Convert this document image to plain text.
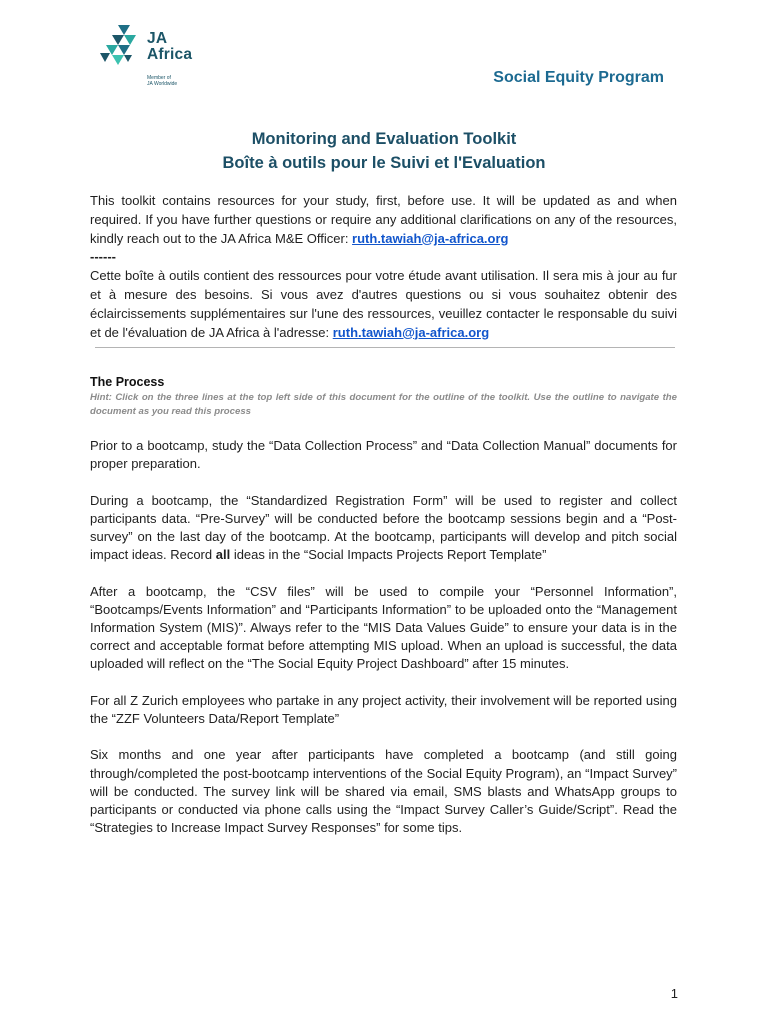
JA
Africa
Member of
JA Worldwide	Social Equity Program
Monitoring and Evaluation Toolkit
Boîte à outils pour le Suivi et l'Evaluation
This toolkit contains resources for your study, first, before use. It will be updated as and when required. If you have further questions or require any additional clarifications on any of the resources, kindly reach out to the JA Africa M&E Officer: ruth.tawiah@ja-africa.org
------
Cette boîte à outils contient des ressources pour votre étude avant utilisation. Il sera mis à jour au fur et à mesure des besoins. Si vous avez d'autres questions ou si vous souhaitez obtenir des éclaircissements supplémentaires sur l'une des ressources, veuillez contacter le responsable du suivi et de l'évaluation de JA Africa à l'adresse: ruth.tawiah@ja-africa.org
The Process
Hint: Click on the three lines at the top left side of this document for the outline of the toolkit. Use the outline to navigate the document as you read this process

Prior to a bootcamp, study the “Data Collection Process” and “Data Collection Manual” documents for proper preparation.

During a bootcamp, the “Standardized Registration Form” will be used to register and collect participants data. “Pre-Survey” will be conducted before the bootcamp sessions begin and a “Post-survey” on the last day of the bootcamp. At the bootcamp, participants will develop and pitch social impact ideas. Record all ideas in the “Social Impacts Projects Report Template”

After a bootcamp, the “CSV files” will be used to compile your “Personnel Information”, “Bootcamps/Events Information” and “Participants Information” to be uploaded onto the “Management Information System (MIS)”. Always refer to the “MIS Data Values Guide” to ensure your data is in the correct and acceptable format before attempting MIS upload. When an upload is successful, the data uploaded will reflect on the “The Social Equity Project Dashboard” after 15 minutes.

For all Z Zurich employees who partake in any project activity, their involvement will be reported using the “ZZF Volunteers Data/Report Template”

Six months and one year after participants have completed a bootcamp (and still going through/completed the post-bootcamp interventions of the Social Equity Program), an “Impact Survey” will be conducted. The survey link will be shared via email, SMS blasts and WhatsApp groups to participants or conducted via phone calls using the “Impact Survey Caller’s Guide/Script”. Read the “Strategies to Increase Impact Survey Responses” for some tips.

1
